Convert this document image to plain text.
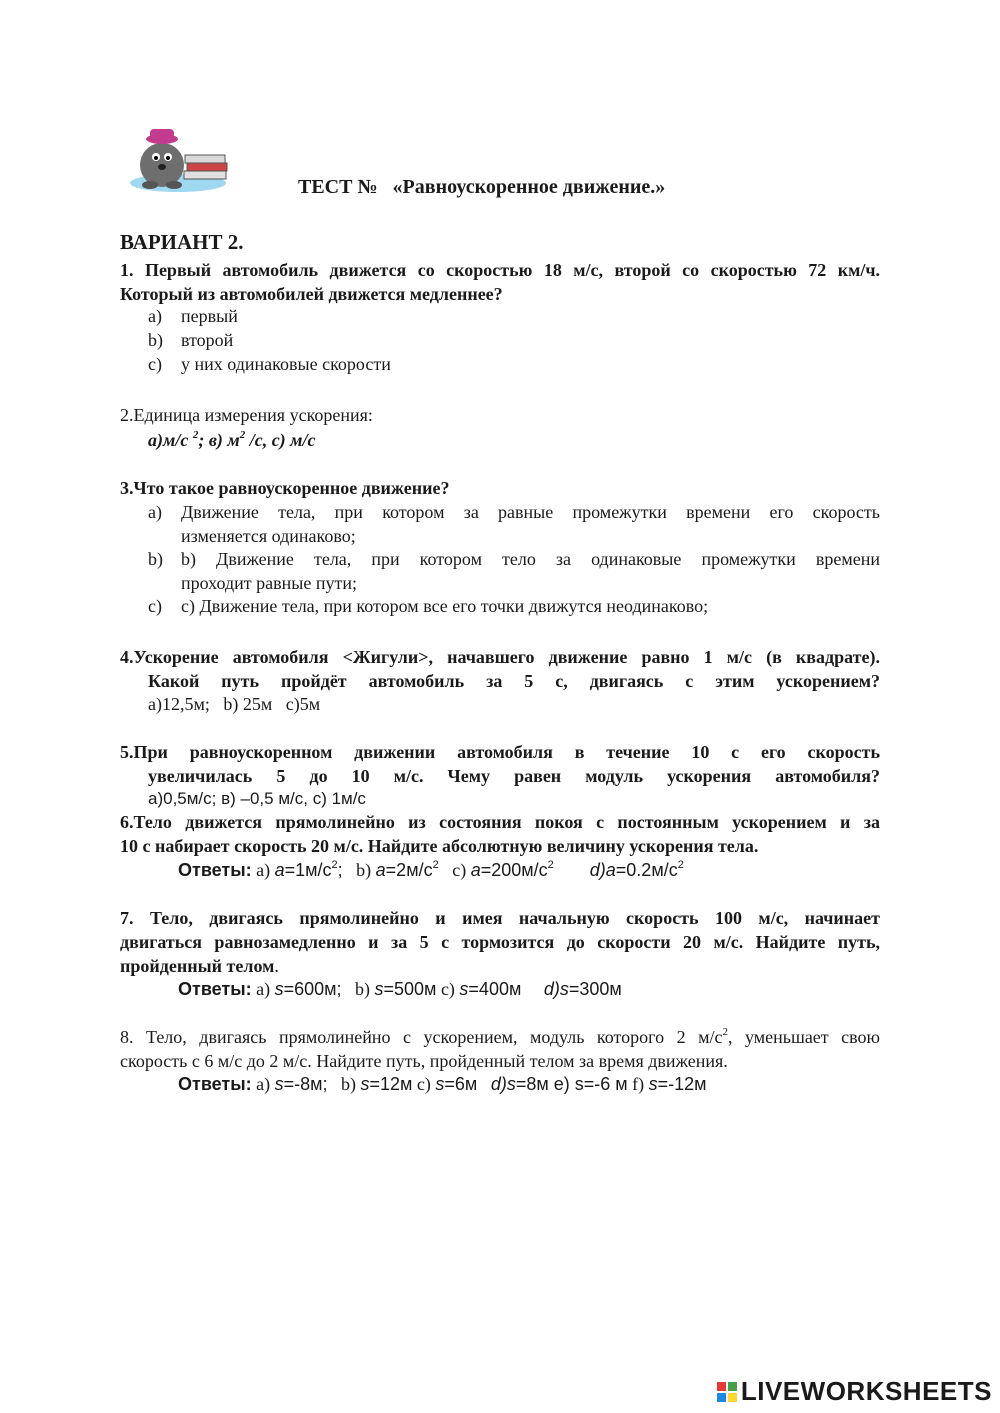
ТЕСТ №   «Равноускоренное движение.»
ВАРИАНТ 2.
1. Первый автомобиль движется со скоростью 18 м/с, второй со скоростью 72 км/ч.
Который из автомобилей движется медленнее?
a)	первый
b)	второй
c)	у них одинаковые скорости
2.Единица измерения ускорения:
а)м/с $^2$; в) $м^2$ /с, с) м/с
3.Что такое равноускоренное движение?
a)	Движение тела, при котором за равные промежутки времени его скорость
изменяется одинаково;
b)	b) Движение тела, при котором тело за одинаковые промежутки времени
проходит равные пути;
c)	с) Движение тела, при котором все его точки движутся неодинаково;
4.Ускорение автомобиля <Жигули>, начавшего движение равно 1 м/с (в квадрате).
Какой путь пройдёт автомобиль за 5 с, двигаясь с этим ускорением?
а)12,5м;   b) 25м   с)5м
5.При равноускоренном движении автомобиля в течение 10 с его скорость
увеличилась 5 до 10 м/с. Чему равен модуль ускорения автомобиля?
а)0,5м/с; в) –0,5 м/с, с) 1м/с
6.Тело движется прямолинейно из состояния покоя с постоянным ускорением и за
10 с набирает скорость 20 м/с. Найдите абсолютную величину ускорения тела.
Ответы: a) $a=1м/с^2$; b) $a=2м/с^2$ c) $a=200м/с^2$ $d)a=0.2м/с^2$
7. Тело, двигаясь прямолинейно и имея начальную скорость 100 м/с, начинает
двигаться равнозамедленно и за 5 с тормозится до скорости 20 м/с. Найдите путь,
пройденный телом.
Ответы: a) s=600м; b) s=500м c) s=400м d)s=300м
8. Тело, двигаясь прямолинейно с ускорением, модуль которого 2 $м/с^2$, уменьшает свою
скорость с 6 м/с до 2 м/с. Найдите путь, пройденный телом за время движения.
Ответы: a) s=-8м; b) s=12м c) s=6м d)s=8м e) s=-6 м f) s=-12м
LIVEWORKSHEETS
